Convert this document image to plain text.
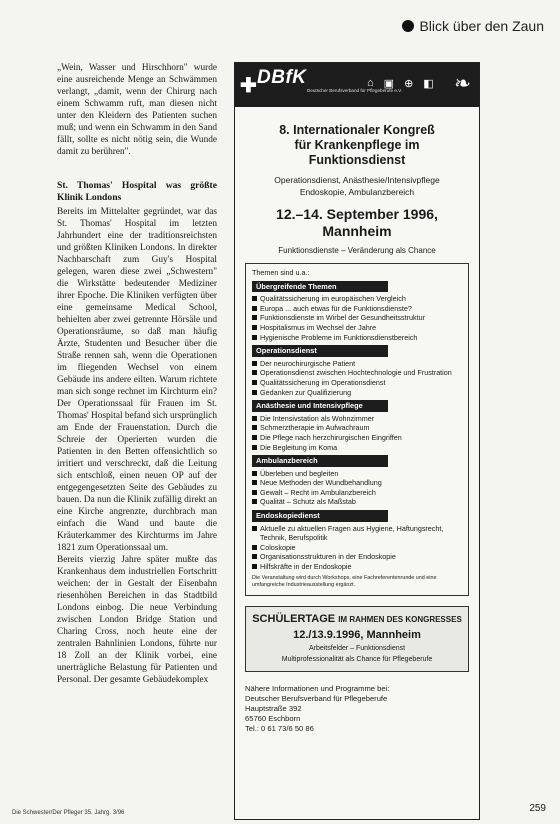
Blick über den Zaun

„Wein, Wasser und Hirschhorn" wurde eine ausreichende Menge an Schwämmen verlangt, „damit, wenn der Chirurg nach einem Schwamm ruft, man diesen nicht unter den Kleidern des Patienten suchen muß; und wenn ein Schwamm in den Sand fällt, sollte es nicht nötig sein, die Wunde damit zu berühren".

St. Thomas' Hospital was größte Klinik Londons

Bereits im Mittelalter gegründet, war das St. Thomas' Hospital im letzten Jahrhundert eine der traditionsreichsten und größten Kliniken Londons. In direkter Nachbarschaft zum Guy's Hospital gelegen, waren diese zwei „Schwestern" die Wirkstätte bedeutender Mediziner ihrer Epoche. Die Kliniken verfügten über eine gemeinsame Medical School, behielten aber zwei getrennte Hörsäle und Operationsräume, so daß man häufig Ärzte, Studenten und Besucher über die Straße rennen sah, wenn die Operationen im fliegenden Wechsel von einem Gebäude ins andere eilten. Warum richtete man sich songe rechnet im Kirchturm ein? Der Operationssaal für Frauen im St. Thomas' Hospital befand sich ursprünglich am Ende der Frauenstation. Durch die Schreie der Operierten wurden die Patienten in den Betten offensichtlich so irritiert und verschreckt, daß die Leitung sich entschloß, einen neuen OP auf der entgegengesetzten Seite des Gebäudes zu bauen. Da nun die Klinik zufällig direkt an eine Kirche angrenzte, durchbrach man einfach die Wand und baute die Kräuterkammer des Kirchturms im Jahre 1821 zum Operationssaal um.

Bereits vierzig Jahre später mußte das Krankenhaus dem industriellen Fortschritt weichen: der in Gestalt der Eisenbahn riesenhöhen Bereichen in das Stadtbild Londons einbog. Die neue Verbindung zwischen London Bridge Station und Charing Cross, noch heute eine der zentralen Bahnlinien Londons, führte nur 18 Zoll an der Klinik vorbei, eine unerträgliche Belastung für Patienten und Personal. Der gesamte Gebäudekomplex

✚ DBfK
Deutscher Berufsverband für Pflegeberufe e.V.
⌂ ▣ ⊕ ◧ ❧
8. Internationaler Kongreß
für Krankenpflege im Funktionsdienst
Operationsdienst, Anästhesie/Intensivpflege
Endoskopie, Ambulanzbereich
12.–14. September 1996,
Mannheim
Funktionsdienste – Veränderung als Chance
Themen sind u.a.:
Übergreifende Themen
Qualitätssicherung im europäischen Vergleich
Europa ... auch etwas für die Funktionsdienste?
Funktionsdienste im Wirbel der Gesundheitsstruktur
Hospitalismus im Wechsel der Jahre
Hygienische Probleme im Funktionsdienstbereich
Operationsdienst
Der neurochirurgische Patient
Operationsdienst zwischen Hochtechnologie und Frustration
Qualitätssicherung im Operationsdienst
Gedanken zur Qualifizierung
Anästhesie und Intensivpflege
Die Intensivstation als Wohnzimmer
Schmerztherapie im Aufwachraum
Die Pflege nach herzchirurgischen Eingriffen
Die Begleitung im Koma
Ambulanzbereich
Überleben und begleiten
Neue Methoden der Wundbehandlung
Gewalt – Recht im Ambulanzbereich
Qualität – Schutz als Maßstab
Endoskopiedienst
Aktuelle zu aktuellen Fragen aus Hygiene, Haftungsrecht, Technik, Berufspolitik
Coloskopie
Organisationsstrukturen in der Endoskopie
Hilfskräfte in der Endoskopie
Die Veranstaltung wird durch Workshops, eine Fachreferentenrunde und eine umfangreiche Industrieausstellung ergänzt.
SCHÜLERTAGE IM RAHMEN DES KONGRESSES
12./13.9.1996, Mannheim
Arbeitsfelder – Funktionsdienst
Multiprofessionalität als Chance für Pflegeberufe
Nähere Informationen und Programme bei:
Deutscher Berufsverband für Pflegeberufe
Hauptstraße 392
65760 Eschborn
Tel.: 0 61 73/6 50 86
Die Schwester/Der Pfleger 35. Jahrg. 3/96	259
